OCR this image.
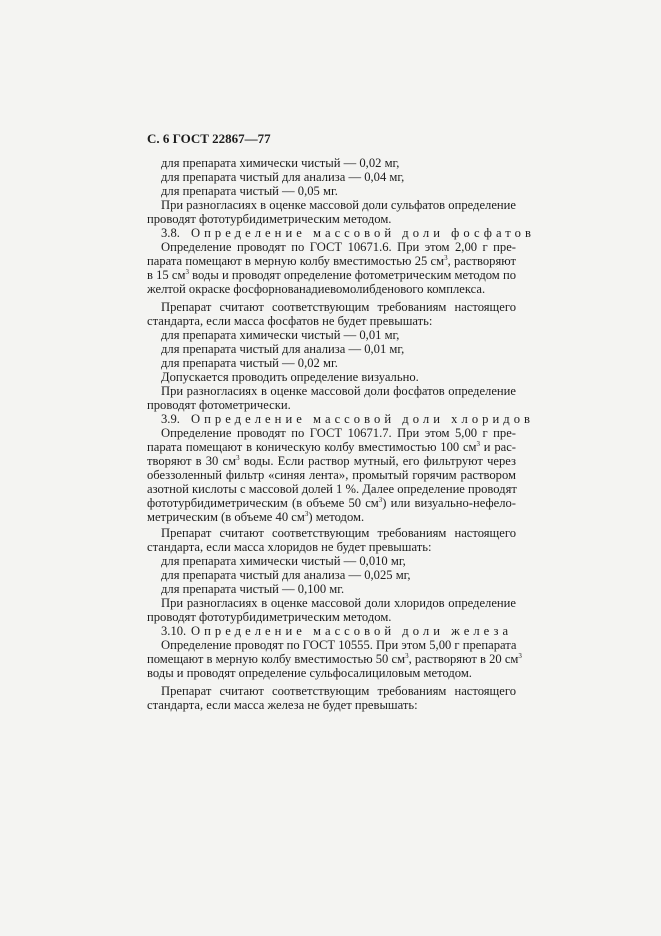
С. 6 ГОСТ 22867—77
для препарата химически чистый — 0,02 мг,
для препарата чистый для анализа — 0,04 мг,
для препарата чистый — 0,05 мг.
При разногласиях в оценке массовой доли сульфатов определение
проводят фототурбидиметрическим методом.
3.8. Определение массовой доли фосфатов
Определение проводят по ГОСТ 10671.6. При этом 2,00 г пре-
парата помещают в мерную колбу вместимостью 25 $см^3$, растворяют
в 15 $см^3$ воды и проводят определение фотометрическим методом по
желтой окраске фосфорнованадиевомолибденового комплекса.
Препарат считают соответствующим требованиям настоящего
стандарта, если масса фосфатов не будет превышать:
для препарата химически чистый — 0,01 мг,
для препарата чистый для анализа — 0,01 мг,
для препарата чистый — 0,02 мг.
Допускается проводить определение визуально.
При разногласиях в оценке массовой доли фосфатов определение
проводят фотометрически.
3.9. Определение массовой доли хлоридов
Определение проводят по ГОСТ 10671.7. При этом 5,00 г пре-
парата помещают в коническую колбу вместимостью 100 $см^3$ и рас-
творяют в 30 $см^3$ воды. Если раствор мутный, его фильтруют через
обеззоленный фильтр «синяя лента», промытый горячим раствором
азотной кислоты с массовой долей 1 %. Далее определение проводят
фототурбидиметрическим (в объеме 50 $см^3$) или визуально-нефело-
метрическим (в объеме 40 $см^3$) методом.
Препарат считают соответствующим требованиям настоящего
стандарта, если масса хлоридов не будет превышать:
для препарата химически чистый — 0,010 мг,
для препарата чистый для анализа — 0,025 мг,
для препарата чистый — 0,100 мг.
При разногласиях в оценке массовой доли хлоридов определение
проводят фототурбидиметрическим методом.
3.10. Определение массовой доли железа
Определение проводят по ГОСТ 10555. При этом 5,00 г препарата
помещают в мерную колбу вместимостью 50 $см^3$, растворяют в 20 $см^3$
воды и проводят определение сульфосалициловым методом.
Препарат считают соответствующим требованиям настоящего
стандарта, если масса железа не будет превышать:
